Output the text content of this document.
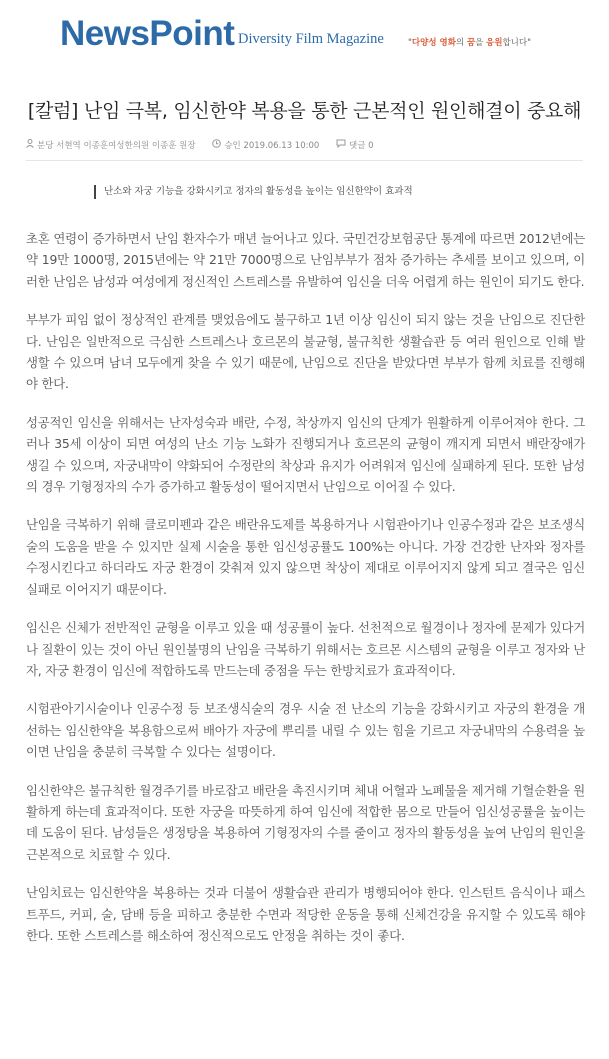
NewsPoint Diversity Film Magazine	"다양성 영화의 꿈을 응원합니다"
[칼럼] 난임 극복, 임신한약 복용을 통한 근본적인 원인해결이 중요해
분당 서현역 이종훈여성한의원 이종훈 원장	승인 2019.06.13 10:00	댓글 0
난소와 자궁 기능을 강화시키고 정자의 활동성을 높이는 임신한약이 효과적

초혼 연령이 증가하면서 난임 환자수가 매년 늘어나고 있다. 국민건강보험공단 통계에 따르면 2012년에는 약 19만 1000명, 2015년에는 약 21만 7000명으로 난임부부가 점차 증가하는 추세를 보이고 있으며, 이러한 난임은 남성과 여성에게 정신적인 스트레스를 유발하여 임신을 더욱 어렵게 하는 원인이 되기도 한다.

부부가 피임 없이 정상적인 관계를 맺었음에도 불구하고 1년 이상 임신이 되지 않는 것을 난임으로 진단한다. 난임은 일반적으로 극심한 스트레스나 호르몬의 불균형, 불규칙한 생활습관 등 여러 원인으로 인해 발생할 수 있으며 남녀 모두에게 찾을 수 있기 때문에, 난임으로 진단을 받았다면 부부가 함께 치료를 진행해야 한다.

성공적인 임신을 위해서는 난자성숙과 배란, 수정, 착상까지 임신의 단계가 원활하게 이루어져야 한다. 그러나 35세 이상이 되면 여성의 난소 기능 노화가 진행되거나 호르몬의 균형이 깨지게 되면서 배란장애가 생길 수 있으며, 자궁내막이 약화되어 수정란의 착상과 유지가 어려워져 임신에 실패하게 된다. 또한 남성의 경우 기형정자의 수가 증가하고 활동성이 떨어지면서 난임으로 이어질 수 있다.

난임을 극복하기 위해 클로미펜과 같은 배란유도제를 복용하거나 시험관아기나 인공수정과 같은 보조생식술의 도움을 받을 수 있지만 실제 시술을 통한 임신성공률도 100%는 아니다. 가장 건강한 난자와 정자를 수정시킨다고 하더라도 자궁 환경이 갖춰져 있지 않으면 착상이 제대로 이루어지지 않게 되고 결국은 임신실패로 이어지기 때문이다.

임신은 신체가 전반적인 균형을 이루고 있을 때 성공률이 높다. 선천적으로 월경이나 정자에 문제가 있다거나 질환이 있는 것이 아닌 원인불명의 난임을 극복하기 위해서는 호르몬 시스템의 균형을 이루고 정자와 난자, 자궁 환경이 임신에 적합하도록 만드는데 중점을 두는 한방치료가 효과적이다.

시험관아기시술이나 인공수정 등 보조생식술의 경우 시술 전 난소의 기능을 강화시키고 자궁의 환경을 개선하는 임신한약을 복용함으로써 배아가 자궁에 뿌리를 내릴 수 있는 힘을 기르고 자궁내막의 수용력을 높이면 난임을 충분히 극복할 수 있다는 설명이다.

임신한약은 불규칙한 월경주기를 바로잡고 배란을 촉진시키며 체내 어혈과 노폐물을 제거해 기혈순환을 원활하게 하는데 효과적이다. 또한 자궁을 따뜻하게 하여 임신에 적합한 몸으로 만들어 임신성공률을 높이는데 도움이 된다. 남성들은 생정탕을 복용하여 기형정자의 수를 줄이고 정자의 활동성을 높여 난임의 원인을 근본적으로 치료할 수 있다.

난임치료는 임신한약을 복용하는 것과 더불어 생활습관 관리가 병행되어야 한다. 인스턴트 음식이나 패스트푸드, 커피, 술, 담배 등을 피하고 충분한 수면과 적당한 운동을 통해 신체건강을 유지할 수 있도록 해야 한다. 또한 스트레스를 해소하여 정신적으로도 안정을 취하는 것이 좋다.
